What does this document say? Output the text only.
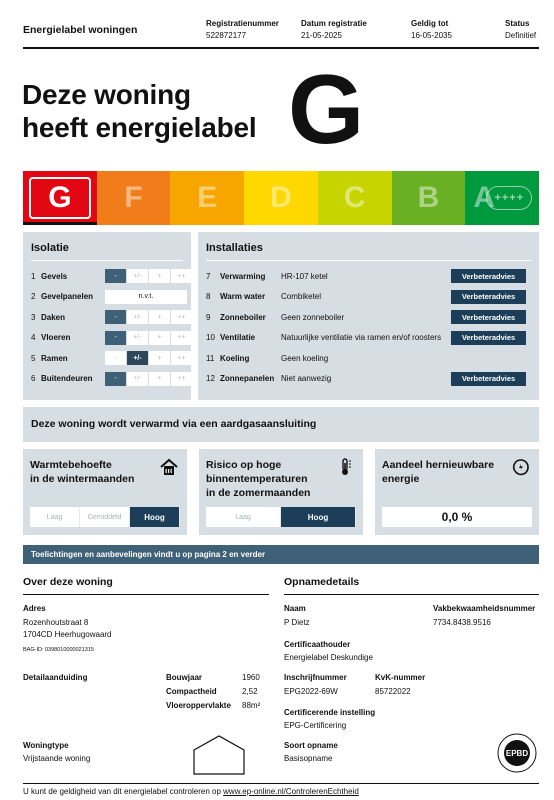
Energielabel woningen
Registratienummer
522872177
Datum registratie
21-05-2025
Geldig tot
16-05-2035
Status
Definitief
Deze woning
heeft energielabel G
G F E D C B A ++++
Isolatie
1 Gevels	-	+/-	+	++
2 Gevelpanelen	n.v.t.
3 Daken	-	+/-	+	++
4 Vloeren	-	+/-	+	++
5 Ramen	-	+/-	+	++
6 Buitendeuren	-	+/-	+	++
Installaties
7	Verwarming	HR-107 ketel	Verbeteradvies
8	Warm water	Combiketel	Verbeteradvies
9	Zonneboiler	Geen zonneboiler	Verbeteradvies
10 Ventilatie	Natuurlijke ventilatie via ramen en/of roosters	Verbeteradvies
11 Koeling	Geen koeling
12 Zonnepanelen Niet aanwezig	Verbeteradvies
Deze woning wordt verwarmd via een aardgasaansluiting
Warmtebehoefte
in de wintermaanden
Laag	Gemiddeld	Hoog
Risico op hoge
binnentemperaturen
in de zomermaanden
Laag	Hoog
Aandeel hernieuwbare
energie
0,0 %
Toelichtingen en aanbevelingen vindt u op pagina 2 en verder
Over deze woning
Adres
Rozenhoutstraat 8
1704CD Heerhugowaard
BAG-ID: 0398010000021315
Detailaanduiding	Bouwjaar	1960
Compactheid	2,52
Vloeroppervlakte 88m²
Woningtype
Vrijstaande woning
Opnamedetails
Naam
P Dietz
Vakbekwaamheidsnummer
7734.8438.9516
Certificaathouder
Energielabel Deskundige
Inschrijfnummer
EPG2022-69W
KvK-nummer
85722022
Certificerende instelling
EPG-Certificering
Soort opname
Basisopname
EPBD
U kunt de geldigheid van dit energielabel controleren op www.ep-online.nl/ControlerenEchtheid
